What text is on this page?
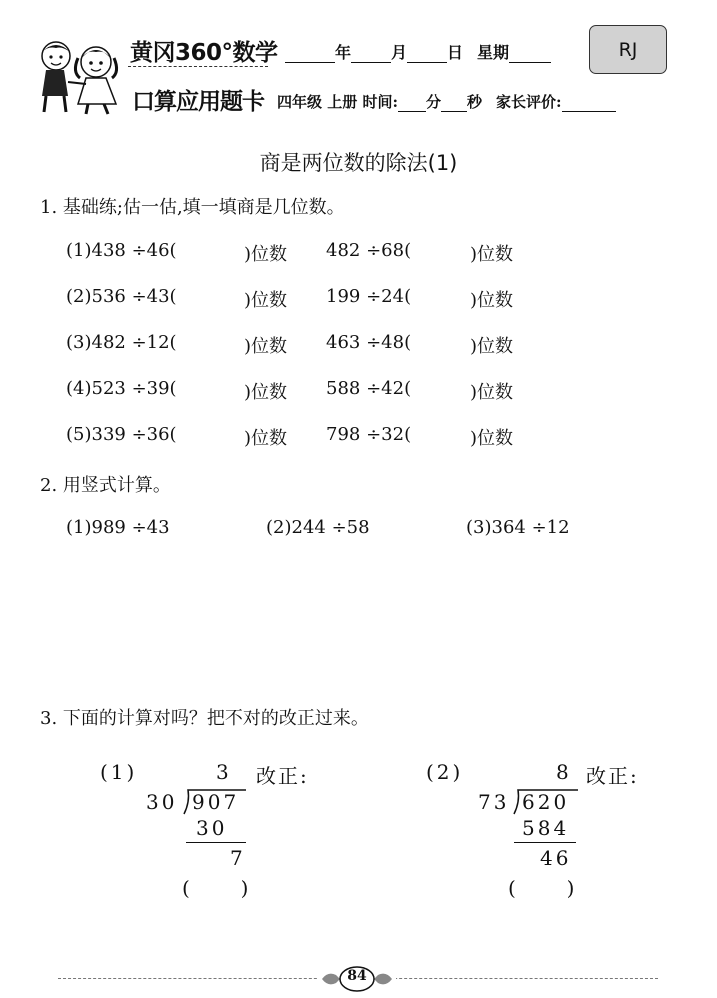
黄冈360°数学
口算应用题卡
年	月	日 星期	RJ
四年级 上册 时间: 分 秒 家长评价:
商是两位数的除法(1)
1. 基础练;估一估,填一填商是几位数。
(1)438 ÷46(	)位数 482 ÷68(	)位数
(2)536 ÷43(	)位数 199 ÷24(	)位数
(3)482 ÷12(	)位数 463 ÷48(	)位数
(4)523 ÷39(	)位数 588 ÷42(	)位数
(5)339 ÷36(	)位数 798 ÷32(	)位数
2. 用竖式计算。
(1)989 ÷43	(2)244 ÷58	(3)364 ÷12
3. 下面的计算对吗？把不对的改正过来。
(1)	3 改正:
30 907
30
7
(        )
(2)	8 改正:
73 620
584
46
(        )
84
